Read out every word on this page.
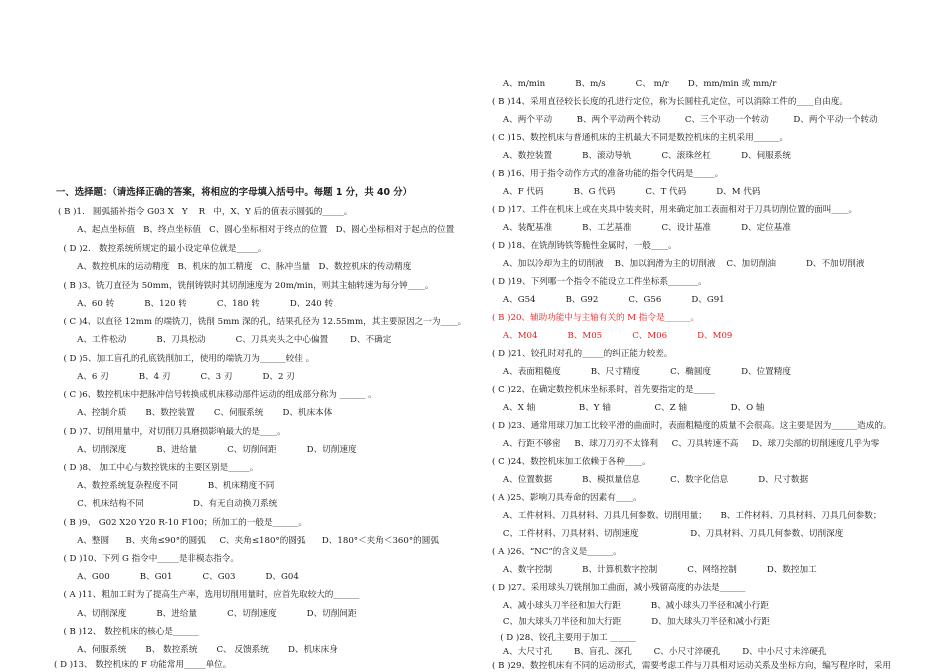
一、选择题：（请选择正确的答案，将相应的字母填入括号中。每题 1 分，共 40 分）
( B )1.   圆弧插补指令 G03 X   Y    R   中，X、Y 后的值表示圆弧的_____。
A、起点坐标值   B、终点坐标值   C、圆心坐标相对于终点的位置   D、圆心坐标相对于起点的位置
( D )2.   数控系统所规定的最小设定单位就是_____。
A、数控机床的运动精度   B、机床的加工精度   C、脉冲当量   D、数控机床的传动精度
( B )3、铣刀直径为 50mm，铣削铸铁时其切削速度为 20m/min，则其主轴转速为每分钟____。
A、60 转           B、120 转           C、180 转           D、240 转
( C )4、以直径 12mm 的端铣刀，铣削 5mm 深的孔，结果孔径为 12.55mm，其主要原因之一为____。
A、工件松动           B、刀具松动           C、刀具夹头之中心偏置        D、不确定
( D )5、加工盲孔的孔底铣削加工，使用的端铣刀为______较佳 。
A、6 刃           B、4 刃           C、3 刃           D、2 刃
( C )6、数控机床中把脉冲信号转换成机床移动部件运动的组成部分称为 ______ 。
A、控制介质       B、数控装置       C、伺服系统       D、机床本体
( D )7、切削用量中，对切削刀具磨损影响最大的是____。
A、切削深度           B、进给量           C、切削间距           D、切削速度
( D )8、 加工中心与数控铣床的主要区别是_____。
A、数控系统复杂程度不同           B、机床精度不同
C、机床结构不同                  D、有无自动换刀系统
( B )9、 G02 X20 Y20 R-10 F100；所加工的一般是______。
A、整圆      B、夹角≤90°的圆弧     C、夹角≤180°的圆弧      D、180°＜夹角＜360°的圆弧
( D )10、下列 G 指令中_____是非模态指令。
A、G00           B、G01           C、G03           D、G04
( A )11、粗加工时为了提高生产率，选用切削用量时，应首先取较大的______
A、切削深度           B、进给量           C、切削速度           D、切削间距
( B )12、 数控机床的核心是______
A、伺服系统       B、 数控系统       C、 反馈系统       D、机床床身
( D )13、 数控机床的 F 功能常用_____单位。
A、m/min           B、m/s           C、 m/r       D、mm/min 或 mm/r
( B )14、采用直径较长长度的孔进行定位，称为长圆柱孔定位，可以消除工件的____自由度。
A、两个平动         B、两个平动两个转动         C、三个平动一个转动         D、两个平动一个转动
( C )15、数控机床与普通机床的主机最大不同是数控机床的主机采用______。
A、数控装置           B、滚动导轨           C、滚珠丝杠           D、伺服系统
( B )16、用于指令动作方式的准备功能的指令代码是_____。
A、F 代码           B、G 代码           C、T 代码           D、M 代码
( D )17、工件在机床上或在夹具中装夹时，用来确定加工表面相对于刀具切削位置的面叫____。
A、装配基准           B、工艺基准           C、设计基准           D、定位基准
( D )18、在铣削铸铁等脆性金属时，一般____。
A、加以冷却为主的切削液    B、加以润滑为主的切削液    C、加切削油           D、不加切削液
( D )19、下列哪一个指令不能设立工件坐标系_______。
A、G54           B、G92           C、G56           D、G91
( B )20、辅助功能中与主轴有关的 M 指令是______。
A、M04           B、M05           C、M06           D、M09
( D )21、铰孔时对孔的_____的纠正能力较差。
A、表面粗糙度           B、尺寸精度           C、椭圆度           D、位置精度
( C )22、在确定数控机床坐标系时，首先要指定的是_____
A、X 轴                B、Y 轴                C、Z 轴                D、O 轴
( D )23、通常用球刀加工比较平滑的曲面时，表面粗糙度的质量不会很高。这主要是因为______造成的。
A、行距不够密     B、球刀刀刃不太锋利     C、刀具转速不高     D、球刀尖部的切削速度几乎为零
( C )24、数控机床加工依赖于各种____。
A、位置数据           B、模拟量信息           C、数字化信息           D、尺寸数据
( A )25、影响刀具寿命的因素有____。
A、工件材料、刀具材料、刀具几何参数、切削用量；     B、工件材料、刀具材料、刀具几何参数；
C、工件材料、刀具材料、切削速度                   D、刀具材料、刀具几何参数、切削深度
( A )26、“NC”的含义是______。
A、数字控制           B、计算机数字控制           C、网络控制           D、数控加工
( D )27、采用球头刀铣削加工曲面，减小残留高度的办法是______
A、减小球头刀半径和加大行距           B、减小球头刀半径和减小行距
C、加大球头刀半径和加大行距           D、加大球头刀半径和减小行距
( D )28、铰孔主要用于加工 ______
A、大尺寸孔        B、盲孔、深孔        C、小尺寸淬硬孔        D、中小尺寸未淬硬孔
( B )29、数控机床有不同的运动形式，需要考虑工件与刀具相对运动关系及坐标方向，编写程序时，采用
